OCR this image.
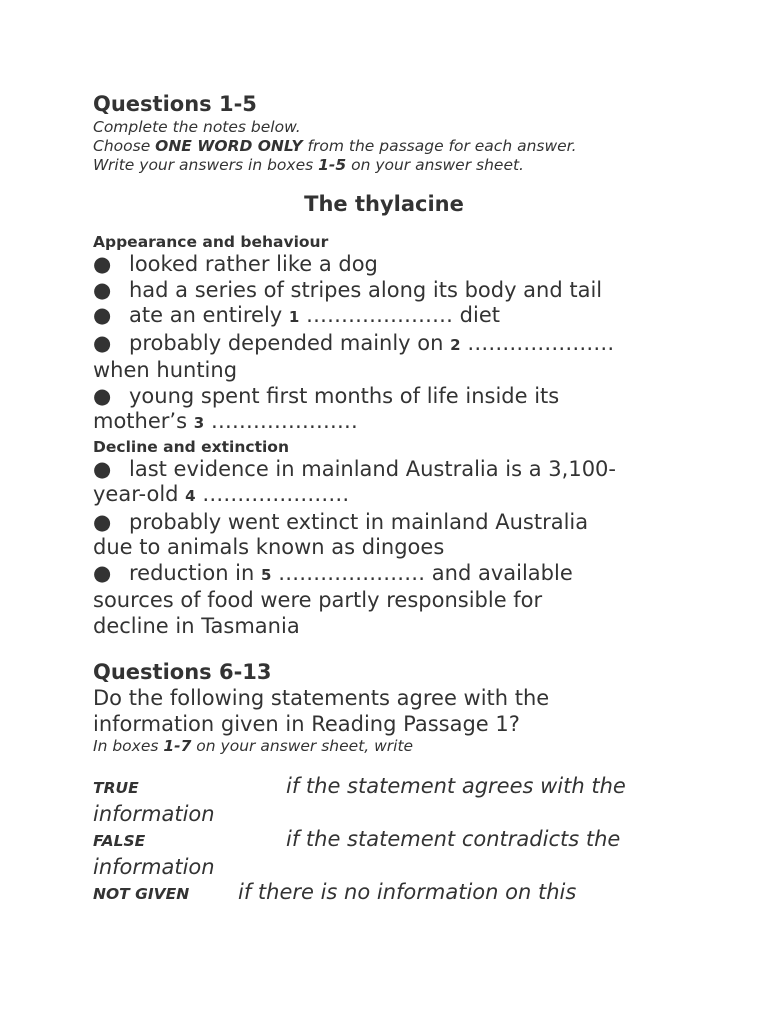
Questions 1-5
Complete the notes below.
Choose ONE WORD ONLY from the passage for each answer.
Write your answers in boxes 1-5 on your answer sheet.
The thylacine
Appearance and behaviour
● looked rather like a dog
● had a series of stripes along its body and tail
● ate an entirely 1 ………………… diet
● probably depended mainly on 2 …………………
when hunting
● young spent first months of life inside its
mother’s 3 …………………
Decline and extinction
● last evidence in mainland Australia is a 3,100-
year-old 4 …………………
● probably went extinct in mainland Australia
due to animals known as dingoes
● reduction in 5 ………………… and available
sources of food were partly responsible for
decline in Tasmania
Questions 6-13
Do the following statements agree with the
information given in Reading Passage 1?
In boxes 1-7 on your answer sheet, write
TRUE	if the statement agrees with the
information
FALSE	if the statement contradicts the
information
NOT GIVEN if there is no information on this
